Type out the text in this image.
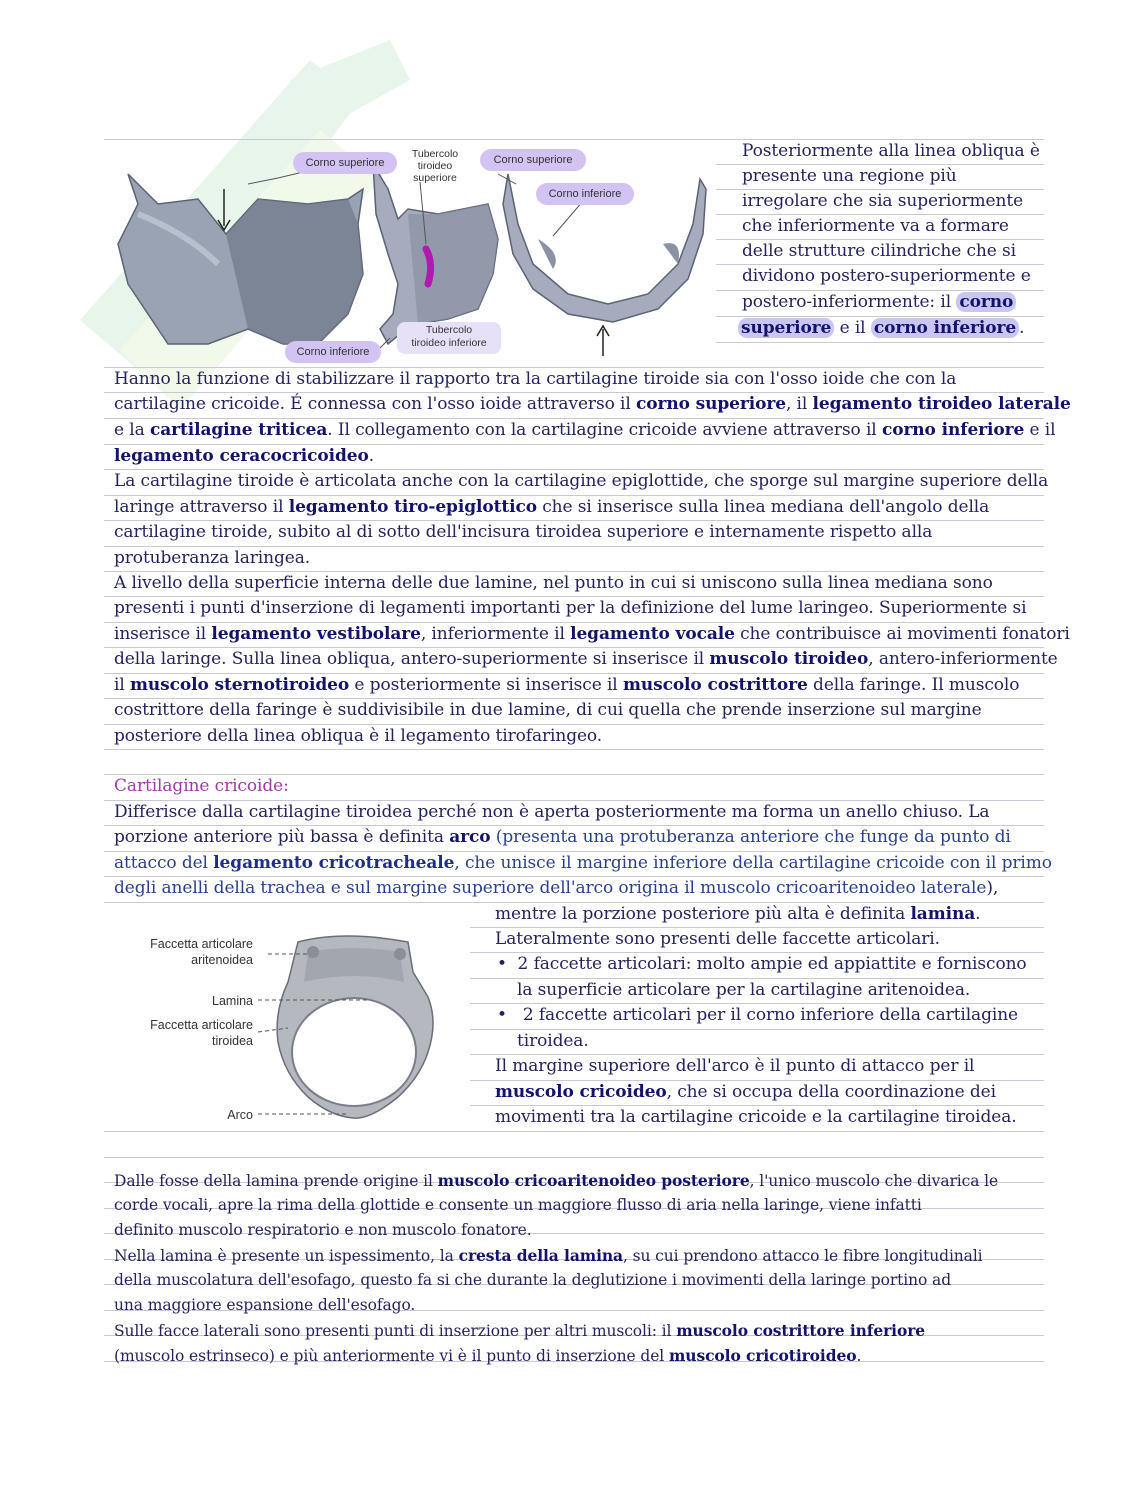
Corno superiore
Tubercolo
tiroideo
superiore
Corno superiore
Corno inferiore
Tubercolo
tiroideo inferiore
Corno inferiore
Posteriormente alla linea obliqua è
presente una regione più
irregolare che sia superiormente
che inferiormente va a formare
delle strutture cilindriche che si
dividono postero-superiormente e
postero-inferiormente: il corno
superiore e il corno inferiore .
Hanno la funzione di stabilizzare il rapporto tra la cartilagine tiroide sia con l'osso ioide che con la
cartilagine cricoide. É connessa con l'osso ioide attraverso il corno superiore, il legamento tiroideo laterale
e la cartilagine triticea. Il collegamento con la cartilagine cricoide avviene attraverso il corno inferiore e il
legamento ceracocricoideo.
La cartilagine tiroide è articolata anche con la cartilagine epiglottide, che sporge sul margine superiore della
laringe attraverso il legamento tiro-epiglottico che si inserisce sulla linea mediana dell'angolo della
cartilagine tiroide, subito al di sotto dell'incisura tiroidea superiore e internamente rispetto alla
protuberanza laringea.
A livello della superficie interna delle due lamine, nel punto in cui si uniscono sulla linea mediana sono
presenti i punti d'inserzione di legamenti importanti per la definizione del lume laringeo. Superiormente si
inserisce il legamento vestibolare, inferiormente il legamento vocale che contribuisce ai movimenti fonatori
della laringe. Sulla linea obliqua, antero-superiormente si inserisce il muscolo tiroideo, antero-inferiormente
il muscolo sternotiroideo e posteriormente si inserisce il muscolo costrittore della faringe. Il muscolo
costrittore della faringe è suddivisibile in due lamine, di cui quella che prende inserzione sul margine
posteriore della linea obliqua è il legamento tirofaringeo.
Cartilagine cricoide:
Differisce dalla cartilagine tiroidea perché non è aperta posteriormente ma forma un anello chiuso. La
porzione anteriore più bassa è definita arco (presenta una protuberanza anteriore che funge da punto di
attacco del legamento cricotracheale, che unisce il margine inferiore della cartilagine cricoide con il primo
degli anelli della trachea e sul margine superiore dell'arco origina il muscolo cricoaritenoideo laterale),
Faccetta articolare
aritenoidea
Lamina
Faccetta articolare
tiroidea
Arco
mentre la porzione posteriore più alta è definita lamina.
Lateralmente sono presenti delle faccette articolari.
• 2 faccette articolari: molto ampie ed appiattite e forniscono
la superficie articolare per la cartilagine aritenoidea.
•   2 faccette articolari per il corno inferiore della cartilagine
tiroidea.
Il margine superiore dell'arco è il punto di attacco per il
muscolo cricoideo, che si occupa della coordinazione dei
movimenti tra la cartilagine cricoide e la cartilagine tiroidea.
Dalle fosse della lamina prende origine il muscolo cricoaritenoideo posteriore, l'unico muscolo che divarica le
corde vocali, apre la rima della glottide e consente un maggiore flusso di aria nella laringe, viene infatti
definito muscolo respiratorio e non muscolo fonatore.
Nella lamina è presente un ispessimento, la cresta della lamina, su cui prendono attacco le fibre longitudinali
della muscolatura dell'esofago, questo fa si che durante la deglutizione i movimenti della laringe portino ad
una maggiore espansione dell'esofago.
Sulle facce laterali sono presenti punti di inserzione per altri muscoli: il muscolo costrittore inferiore
(muscolo estrinseco) e più anteriormente vi è il punto di inserzione del muscolo cricotiroideo.
